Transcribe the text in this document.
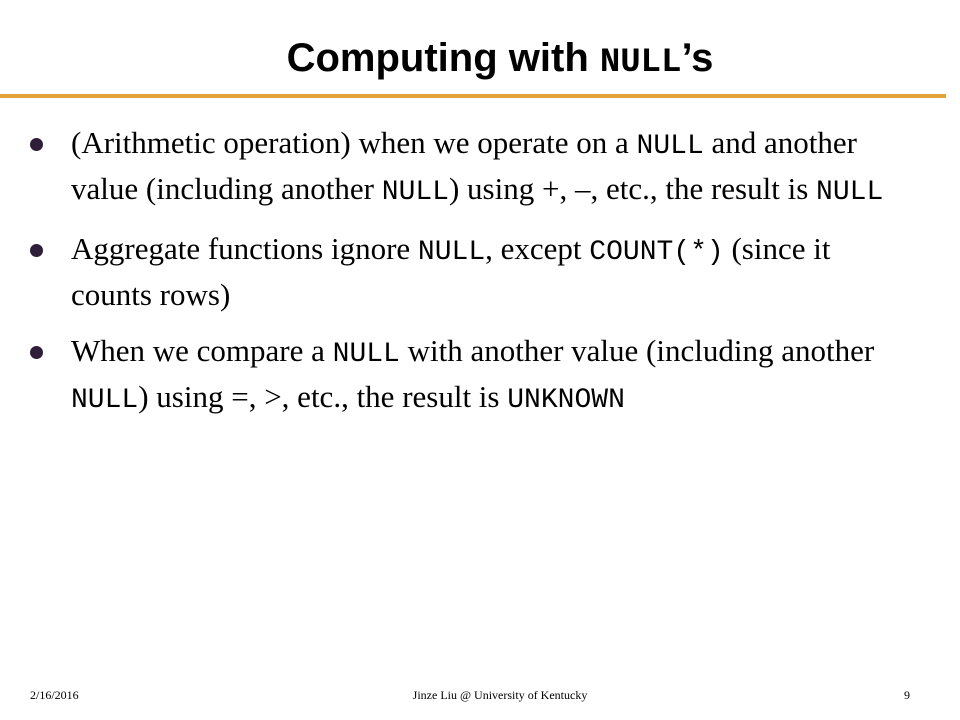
Computing with NULL’s
(Arithmetic operation) when we operate on a NULL and another value (including another NULL) using +, –, etc., the result is NULL
Aggregate functions ignore NULL, except COUNT(*) (since it counts rows)
When we compare a NULL with another value (including another NULL) using =, >, etc., the result is UNKNOWN
2/16/2016	Jinze Liu @ University of Kentucky	9
